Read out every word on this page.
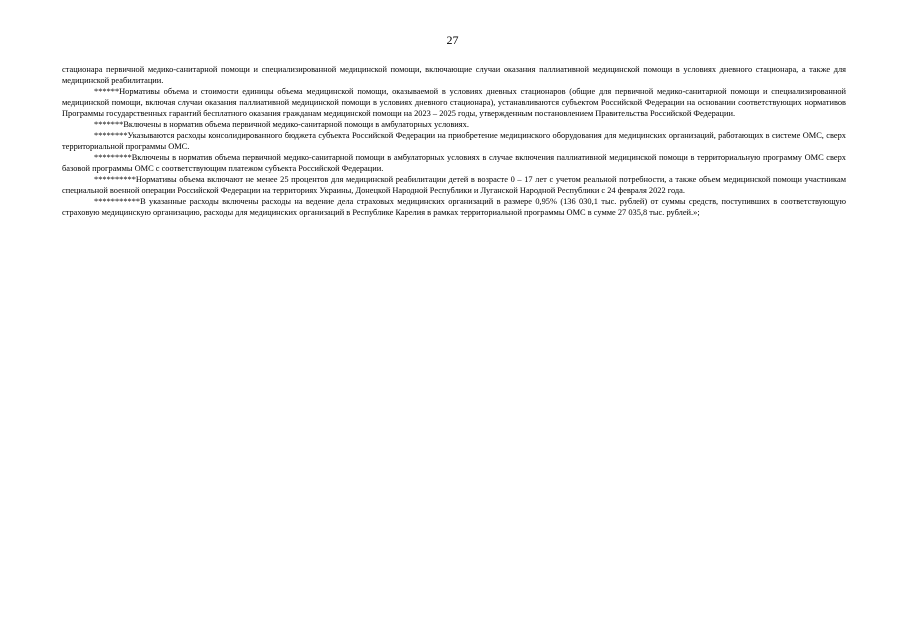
27

стационара первичной медико-санитарной помощи и специализированной медицинской помощи, включающие случаи оказания паллиативной медицинской помощи в условиях дневного стационара, а также для медицинской реабилитации.

******Нормативы объема и стоимости единицы объема медицинской помощи, оказываемой в условиях дневных стационаров (общие для первичной медико-санитарной помощи и специализированной медицинской помощи, включая случаи оказания паллиативной медицинской помощи в условиях дневного стационара), устанавливаются субъектом Российской Федерации на основании соответствующих нормативов Программы государственных гарантий бесплатного оказания гражданам медицинской помощи на 2023 – 2025 годы, утвержденным постановлением Правительства Российской Федерации.

*******Включены в норматив объема первичной медико-санитарной помощи в амбулаторных условиях.

********Указываются расходы консолидированного бюджета субъекта Российской Федерации на приобретение медицинского оборудования для медицинских организаций, работающих в системе ОМС, сверх территориальной программы ОМС.

*********Включены в норматив объема первичной медико-санитарной помощи в амбулаторных условиях в случае включения паллиативной медицинской помощи в территориальную программу ОМС сверх базовой программы ОМС с соответствующим платежом субъекта Российской Федерации.

**********Нормативы объема включают не менее 25 процентов для медицинской реабилитации детей в возрасте 0 – 17 лет с учетом реальной потребности, а также объем медицинской помощи участникам специальной военной операции Российской Федерации на территориях Украины, Донецкой Народной Республики и Луганской Народной Республики с 24 февраля 2022 года.

***********В указанные расходы включены расходы на ведение дела страховых медицинских организаций в размере 0,95% (136 030,1 тыс. рублей) от суммы средств, поступивших в соответствующую страховую медицинскую организацию, расходы для медицинских организаций в Республике Карелия в рамках территориальной программы ОМС в сумме 27 035,8 тыс. рублей.»;
